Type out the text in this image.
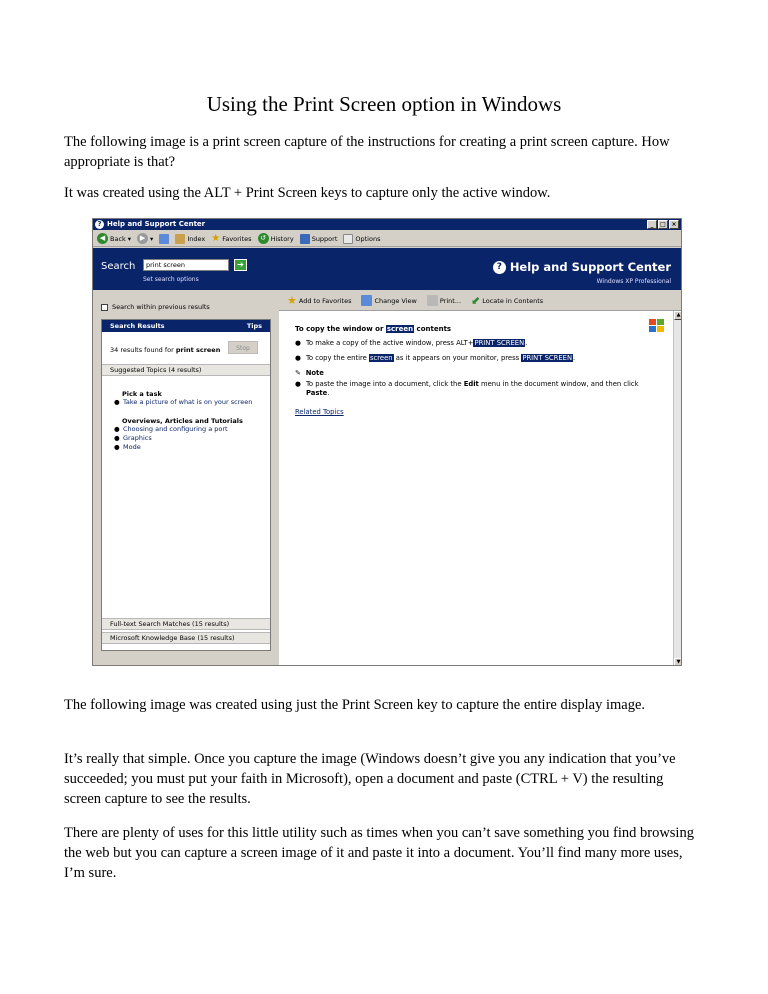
Using the Print Screen option in Windows
The following image is a print screen capture of the instructions for creating a print screen capture. How appropriate is that?
It was created using the ALT + Print Screen keys to capture only the active window.
? Help and Support Center	_	□ ×
◀ Back ▾	▶ ▾	Index ★ Favorites	↺ History	Support	Options
Search	print screen	➔
Set search options
? Help and Support Center
Windows XP Professional
Search within previous results
Search Results	Tips
34 results found for print screen	Stop
Suggested Topics (4 results)
Pick a task
● Take a picture of what is on your screen
Overviews, Articles and Tutorials
● Choosing and configuring a port
● Graphics
● Mode
Full-text Search Matches (15 results)
Microsoft Knowledge Base (15 results)
★ Add to Favorites	Change View	Print... ⬋ Locate in Contents
To copy the window or screen contents
● To make a copy of the active window, press ALT+PRINT SCREEN.
● To copy the entire screen as it appears on your monitor, press PRINT SCREEN.
✎ Note
● To paste the image into a document, click the Edit menu in the document window, and then click
Paste.
Related Topics
▲
▼
The following image was created using just the Print Screen key to capture the entire display image.
It’s really that simple. Once you capture the image (Windows doesn’t give you any indication that you’ve succeeded; you must put your faith in Microsoft), open a document and paste (CTRL + V) the resulting screen capture to see the results.
There are plenty of uses for this little utility such as times when you can’t save something you find browsing the web but you can capture a screen image of it and paste it into a document. You’ll find many more uses, I’m sure.
